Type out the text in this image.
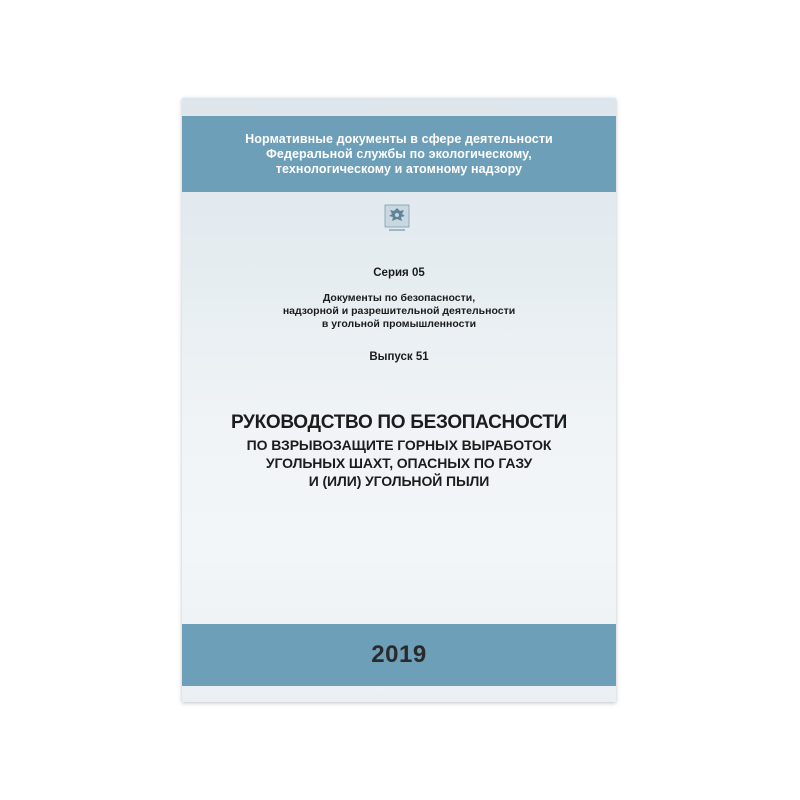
Нормативные документы в сфере деятельности
Федеральной службы по экологическому,
технологическому и атомному надзору
Серия 05
Документы по безопасности,
надзорной и разрешительной деятельности
в угольной промышленности
Выпуск 51
РУКОВОДСТВО ПО БЕЗОПАСНОСТИ
ПО ВЗРЫВОЗАЩИТЕ ГОРНЫХ ВЫРАБОТОК
УГОЛЬНЫХ ШАХТ, ОПАСНЫХ ПО ГАЗУ
И (ИЛИ) УГОЛЬНОЙ ПЫЛИ
2019
